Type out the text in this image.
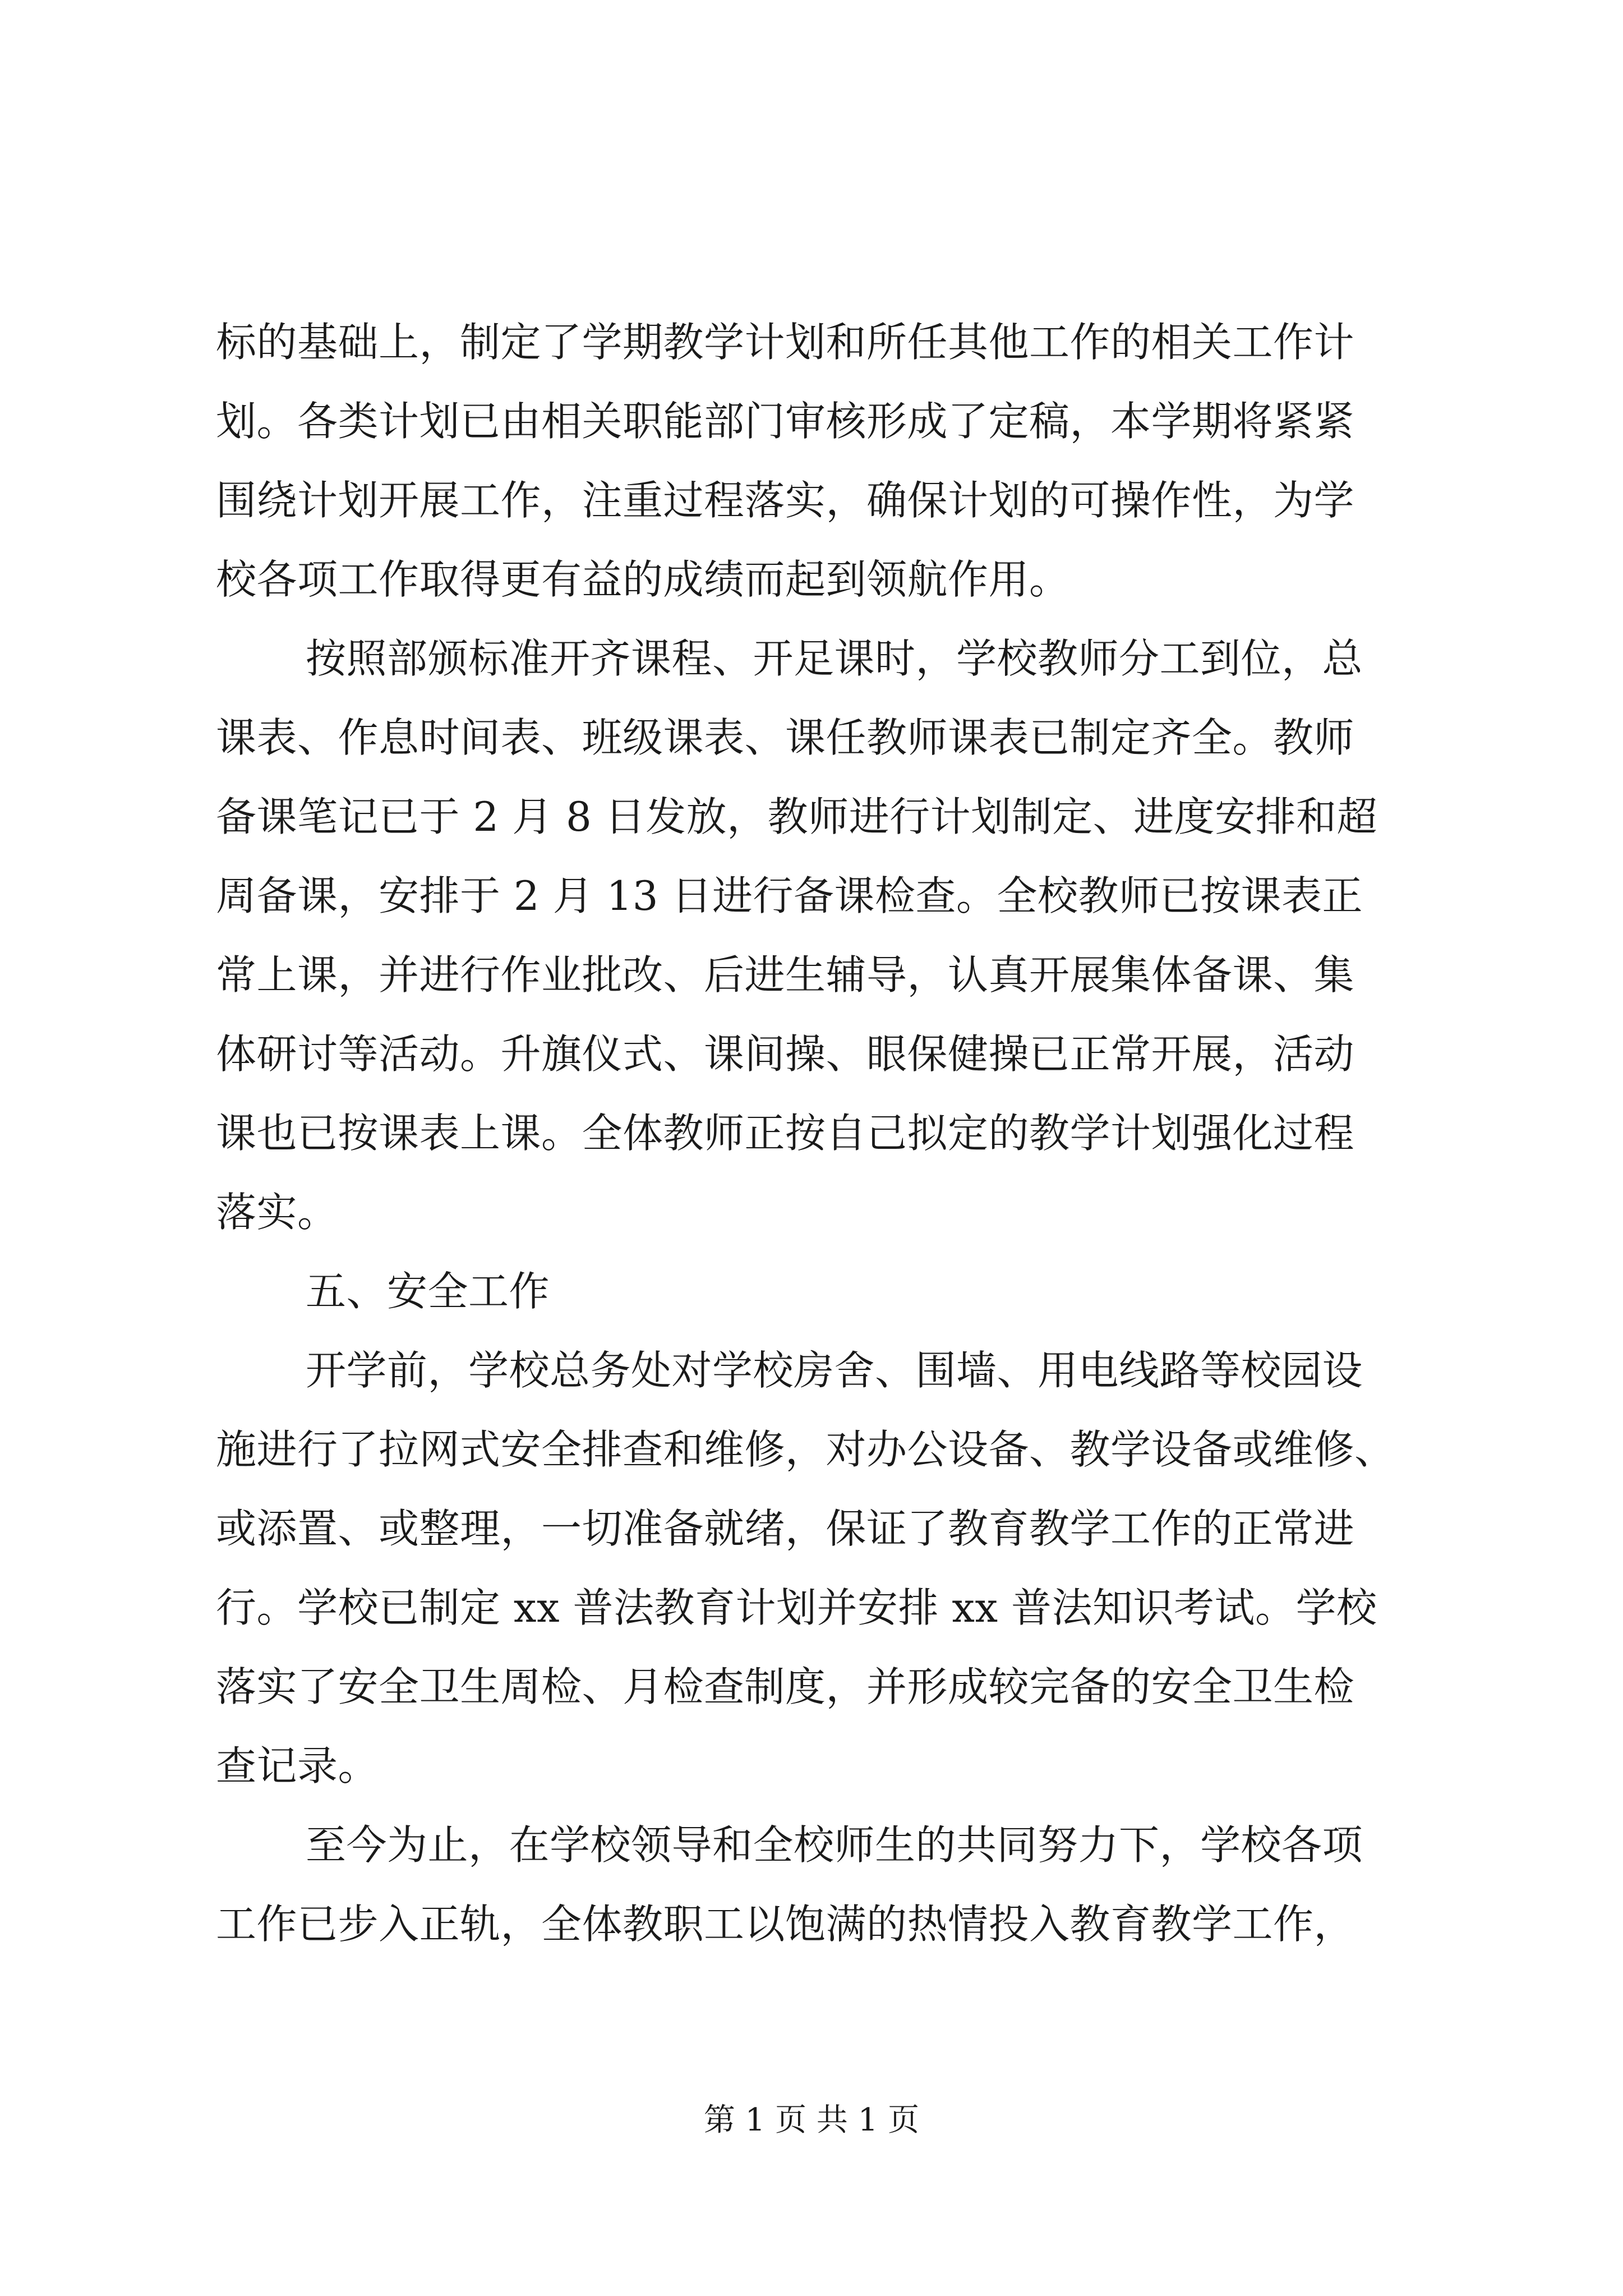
标的基础上，制定了学期教学计划和所任其他工作的相关工作计
划。各类计划已由相关职能部门审核形成了定稿，本学期将紧紧
围绕计划开展工作，注重过程落实，确保计划的可操作性，为学
校各项工作取得更有益的成绩而起到领航作用。
按照部颁标准开齐课程、开足课时，学校教师分工到位，总
课表、作息时间表、班级课表、课任教师课表已制定齐全。教师
备课笔记已于 2 月 8 日发放，教师进行计划制定、进度安排和超
周备课，安排于 2 月 13 日进行备课检查。全校教师已按课表正
常上课，并进行作业批改、后进生辅导，认真开展集体备课、集
体研讨等活动。升旗仪式、课间操、眼保健操已正常开展，活动
课也已按课表上课。全体教师正按自己拟定的教学计划强化过程
落实。
五、安全工作
开学前，学校总务处对学校房舍、围墙、用电线路等校园设
施进行了拉网式安全排查和维修，对办公设备、教学设备或维修、
或添置、或整理，一切准备就绪，保证了教育教学工作的正常进
行。学校已制定 xx 普法教育计划并安排 xx 普法知识考试。学校
落实了安全卫生周检、月检查制度，并形成较完备的安全卫生检
查记录。
至今为止，在学校领导和全校师生的共同努力下，学校各项
工作已步入正轨，全体教职工以饱满的热情投入教育教学工作，
第 1 页 共 1 页
